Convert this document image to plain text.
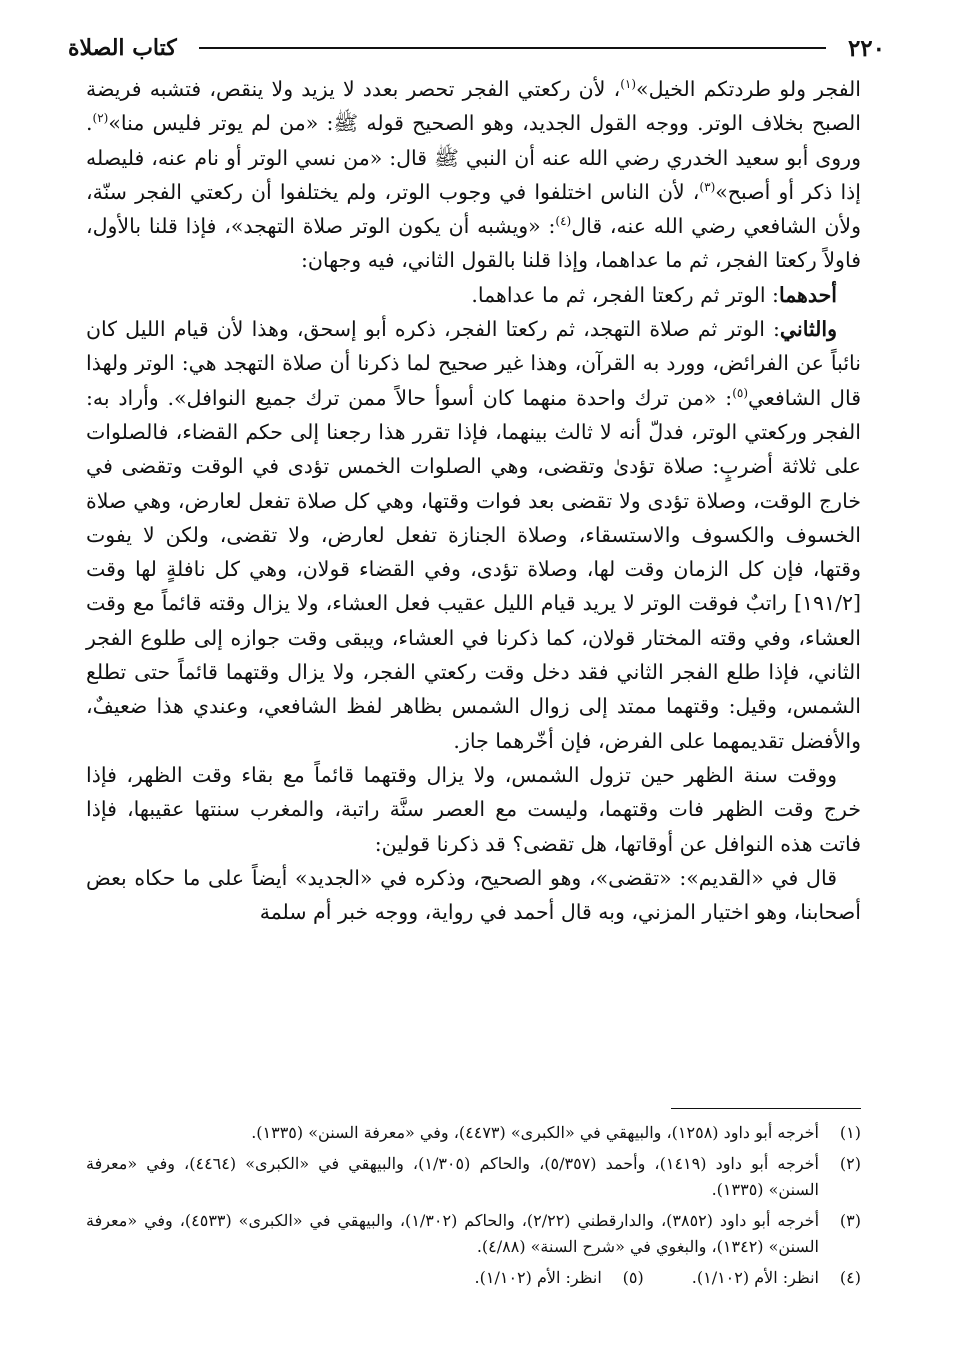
٢٢٠
كتاب الصلاة

الفجر ولو طردتكم الخيل»$^{(١)}$، لأن ركعتي الفجر تحصر بعدد لا يزيد ولا ينقص، فتشبه فريضة الصبح بخلاف الوتر. ووجه القول الجديد، وهو الصحيح قوله ﷺ: «من لم يوتر فليس منا»$^{(٢)}$. وروى أبو سعيد الخدري رضي الله عنه أن النبي ﷺ قال: «من نسي الوتر أو نام عنه، فليصله إذا ذكر أو أصبح»$^{(٣)}$، لأن الناس اختلفوا في وجوب الوتر، ولم يختلفوا أن ركعتي الفجر سنّة، ولأن الشافعي رضي الله عنه، قال$^{(٤)}$: «ويشبه أن يكون الوتر صلاة التهجد»، فإذا قلنا بالأول، فاولاً ركعتا الفجر، ثم ما عداهما، وإذا قلنا بالقول الثاني، فيه وجهان:

أحدهما: الوتر ثم ركعتا الفجر، ثم ما عداهما.

والثاني: الوتر ثم صلاة التهجد، ثم ركعتا الفجر، ذكره أبو إسحق، وهذا لأن قيام الليل كان نائباً عن الفرائض، وورد به القرآن، وهذا غير صحيح لما ذكرنا أن صلاة التهجد هي: الوتر ولهذا قال الشافعي$^{(٥)}$: «من ترك واحدة منهما كان أسوأ حالاً ممن ترك جميع النوافل». وأراد به: الفجر وركعتي الوتر، فدلّ أنه لا ثالث بينهما، فإذا تقرر هذا رجعنا إلى حكم القضاء، فالصلوات على ثلاثة أضربٍ: صلاة تؤدىٰ وتقضى، وهي الصلوات الخمس تؤدى في الوقت وتقضى في خارج الوقت، وصلاة تؤدى ولا تقضى بعد فوات وقتها، وهي كل صلاة تفعل لعارض، وهي صلاة الخسوف والكسوف والاستسقاء، وصلاة الجنازة تفعل لعارض، ولا تقضى، ولكن لا يفوت وقتها، فإن كل الزمان وقت لها، وصلاة تؤدى، وفي القضاء قولان، وهي كل نافلةٍ لها وقت [١٩١/٢] راتبٌ فوقت الوتر لا يريد قيام الليل عقيب فعل العشاء، ولا يزال وقته قائماً مع وقت العشاء، وفي وقته المختار قولان، كما ذكرنا في العشاء، ويبقى وقت جوازه إلى طلوع الفجر الثاني، فإذا طلع الفجر الثاني فقد دخل وقت ركعتي الفجر، ولا يزال وقتهما قائماً حتى تطلع الشمس، وقيل: وقتهما ممتد إلى زوال الشمس بظاهر لفظ الشافعي، وعندي هذا ضعيفٌ، والأفضل تقديمهما على الفرض، فإن أخّرهما جاز.

ووقت سنة الظهر حين تزول الشمس، ولا يزال وقتهما قائماً مع بقاء وقت الظهر، فإذا خرج وقت الظهر فات وقتهما، وليست مع العصر سنَّة راتبة، والمغرب سنتها عقيبها، فإذا فاتت هذه النوافل عن أوقاتها، هل تقضى؟ قد ذكرنا قولين:

قال في «القديم»: «تقضى»، وهو الصحيح، وذكره في «الجديد» أيضاً على ما حكاه بعض أصحابنا، وهو اختيار المزني، وبه قال أحمد في رواية، ووجه خبر أم سلمة

(١)
أخرجه أبو داود (١٢٥٨)، والبيهقي في «الكبرى» (٤٤٧٣)، وفي «معرفة السنن» (١٣٣٥).
(٢)
أخرجه أبو داود (١٤١٩)، وأحمد (٥/٣٥٧)، والحاكم (١/٣٠٥)، والبيهقي في «الكبرى» (٤٤٦٤)، وفي «معرفة السنن» (١٣٣٥).
(٣)
أخرجه أبو داود (٣٨٥٢)، والدارقطني (٢/٢٢)، والحاكم (١/٣٠٢)، والبيهقي في «الكبرى» (٤٥٣٣)، وفي «معرفة السنن» (١٣٤٢)، والبغوي في «شرح السنة» (٤/٨٨).
(٤)
انظر: الأم (١/١٠٢).
(٥)
انظر: الأم (١/١٠٢).
